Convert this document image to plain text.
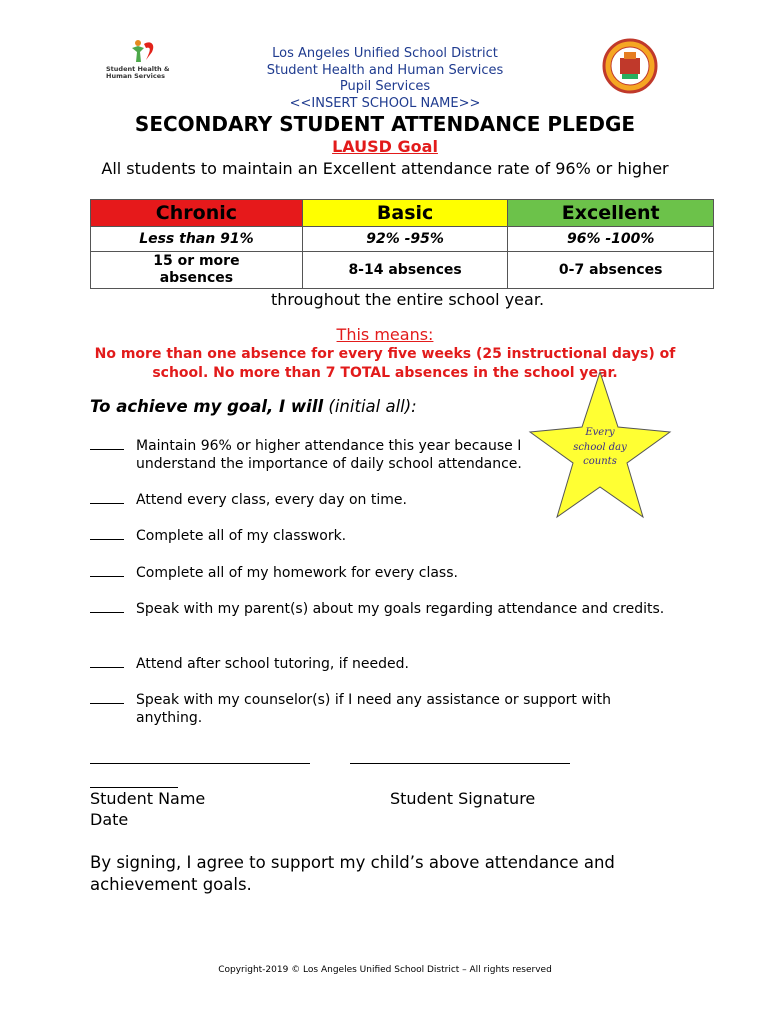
Student Health & Human Services
Los Angeles Unified School District
Student Health and Human Services
Pupil Services
<<INSERT SCHOOL NAME>>
SECONDARY STUDENT ATTENDANCE PLEDGE
LAUSD Goal
All students to maintain an Excellent attendance rate of 96% or higher
Chronic	Basic	Excellent
Less than 91%	92% -95%	96% -100%

15 or more absences	8-14 absences	0-7 absences
throughout the entire school year.
This means:
No more than one absence for every five weeks (25 instructional days) of school. No more than 7 TOTAL absences in the school year.
To achieve my goal, I will (initial all):
Every school day counts
Maintain 96% or higher attendance this year because I understand the importance of daily school attendance.
Attend every class, every day on time.
Complete all of my classwork.
Complete all of my homework for every class.
Speak with my parent(s) about my goals regarding attendance and credits.
Attend after school tutoring, if needed.
Speak with my counselor(s) if I need any assistance or support with anything.
Student Name	Student Signature
Date
By signing, I agree to support my child’s above attendance and achievement goals.
Copyright-2019 © Los Angeles Unified School District – All rights reserved
